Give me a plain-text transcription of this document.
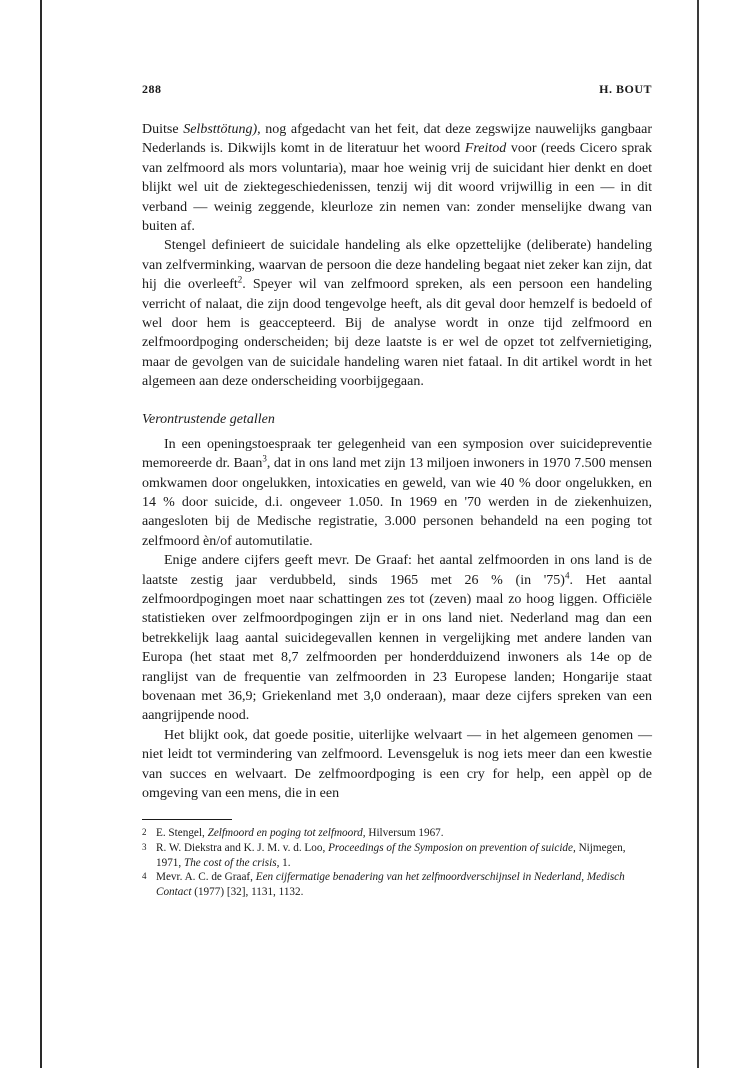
288	H. BOUT

Duitse Selbsttötung), nog afgedacht van het feit, dat deze zegswijze nauwelijks gangbaar Nederlands is. Dikwijls komt in de literatuur het woord Freitod voor (reeds Cicero sprak van zelfmoord als mors voluntaria), maar hoe weinig vrij de suicidant hier denkt en doet blijkt wel uit de ziektegeschiedenissen, tenzij wij dit woord vrijwillig in een — in dit verband — weinig zeggende, kleurloze zin nemen van: zonder menselijke dwang van buiten af.

Stengel definieert de suicidale handeling als elke opzettelijke (deliberate) handeling van zelfverminking, waarvan de persoon die deze handeling begaat niet zeker kan zijn, dat hij die overleeft$^2$. Speyer wil van zelfmoord spreken, als een persoon een handeling verricht of nalaat, die zijn dood tengevolge heeft, als dit geval door hemzelf is bedoeld of wel door hem is geaccepteerd. Bij de analyse wordt in onze tijd zelfmoord en zelfmoordpoging onderscheiden; bij deze laatste is er wel de opzet tot zelfvernietiging, maar de gevolgen van de suicidale handeling waren niet fataal. In dit artikel wordt in het algemeen aan deze onderscheiding voorbijgegaan.

Verontrustende getallen

In een openingstoespraak ter gelegenheid van een symposion over suicidepreventie memoreerde dr. Baan$^3$, dat in ons land met zijn 13 miljoen inwoners in 1970 7.500 mensen omkwamen door ongelukken, intoxicaties en geweld, van wie 40 % door ongelukken, en 14 % door suicide, d.i. ongeveer 1.050. In 1969 en '70 werden in de ziekenhuizen, aangesloten bij de Medische registratie, 3.000 personen behandeld na een poging tot zelfmoord èn/of automutilatie.

Enige andere cijfers geeft mevr. De Graaf: het aantal zelfmoorden in ons land is de laatste zestig jaar verdubbeld, sinds 1965 met 26 % (in '75)$^4$. Het aantal zelfmoordpogingen moet naar schattingen zes tot (zeven) maal zo hoog liggen. Officiële statistieken over zelfmoordpogingen zijn er in ons land niet. Nederland mag dan een betrekkelijk laag aantal suicidegevallen kennen in vergelijking met andere landen van Europa (het staat met 8,7 zelfmoorden per honderdduizend inwoners als 14e op de ranglijst van de frequentie van zelfmoorden in 23 Europese landen; Hongarije staat bovenaan met 36,9; Griekenland met 3,0 onderaan), maar deze cijfers spreken van een aangrijpende nood.

Het blijkt ook, dat goede positie, uiterlijke welvaart — in het algemeen genomen — niet leidt tot vermindering van zelfmoord. Levensgeluk is nog iets meer dan een kwestie van succes en welvaart. De zelfmoordpoging is een cry for help, een appèl op de omgeving van een mens, die in een

2 E. Stengel, Zelfmoord en poging tot zelfmoord, Hilversum 1967.
3 R. W. Diekstra and K. J. M. v. d. Loo, Proceedings of the Symposion on prevention of suicide, Nijmegen, 1971, The cost of the crisis, 1.
4 Mevr. A. C. de Graaf, Een cijfermatige benadering van het zelfmoordverschijnsel in Nederland, Medisch Contact (1977) [32], 1131, 1132.
